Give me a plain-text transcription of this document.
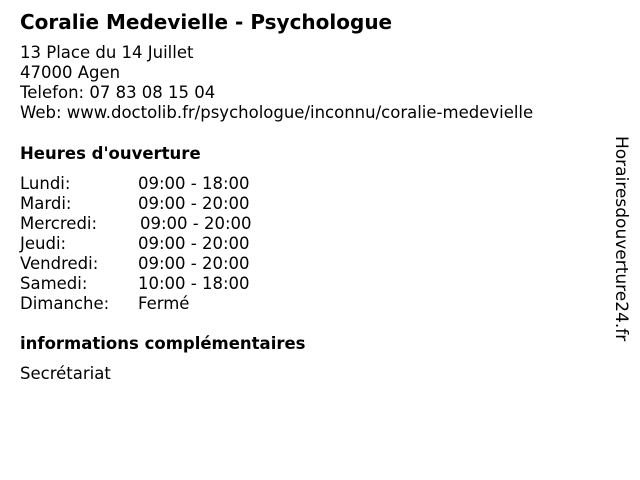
Coralie Medevielle - Psychologue
13 Place du 14 Juillet
47000 Agen
Telefon: 07 83 08 15 04
Web: www.doctolib.fr/psychologue/inconnu/coralie-medevielle
Heures d'ouverture
Lundi:	09:00 - 18:00
Mardi:	09:00 - 20:00
Mercredi:	09:00 - 20:00
Jeudi:	09:00 - 20:00
Vendredi: 09:00 - 20:00
Samedi:	10:00 - 18:00
Dimanche: Fermé
informations complémentaires
Secrétariat
Horairesdouverture24.fr
